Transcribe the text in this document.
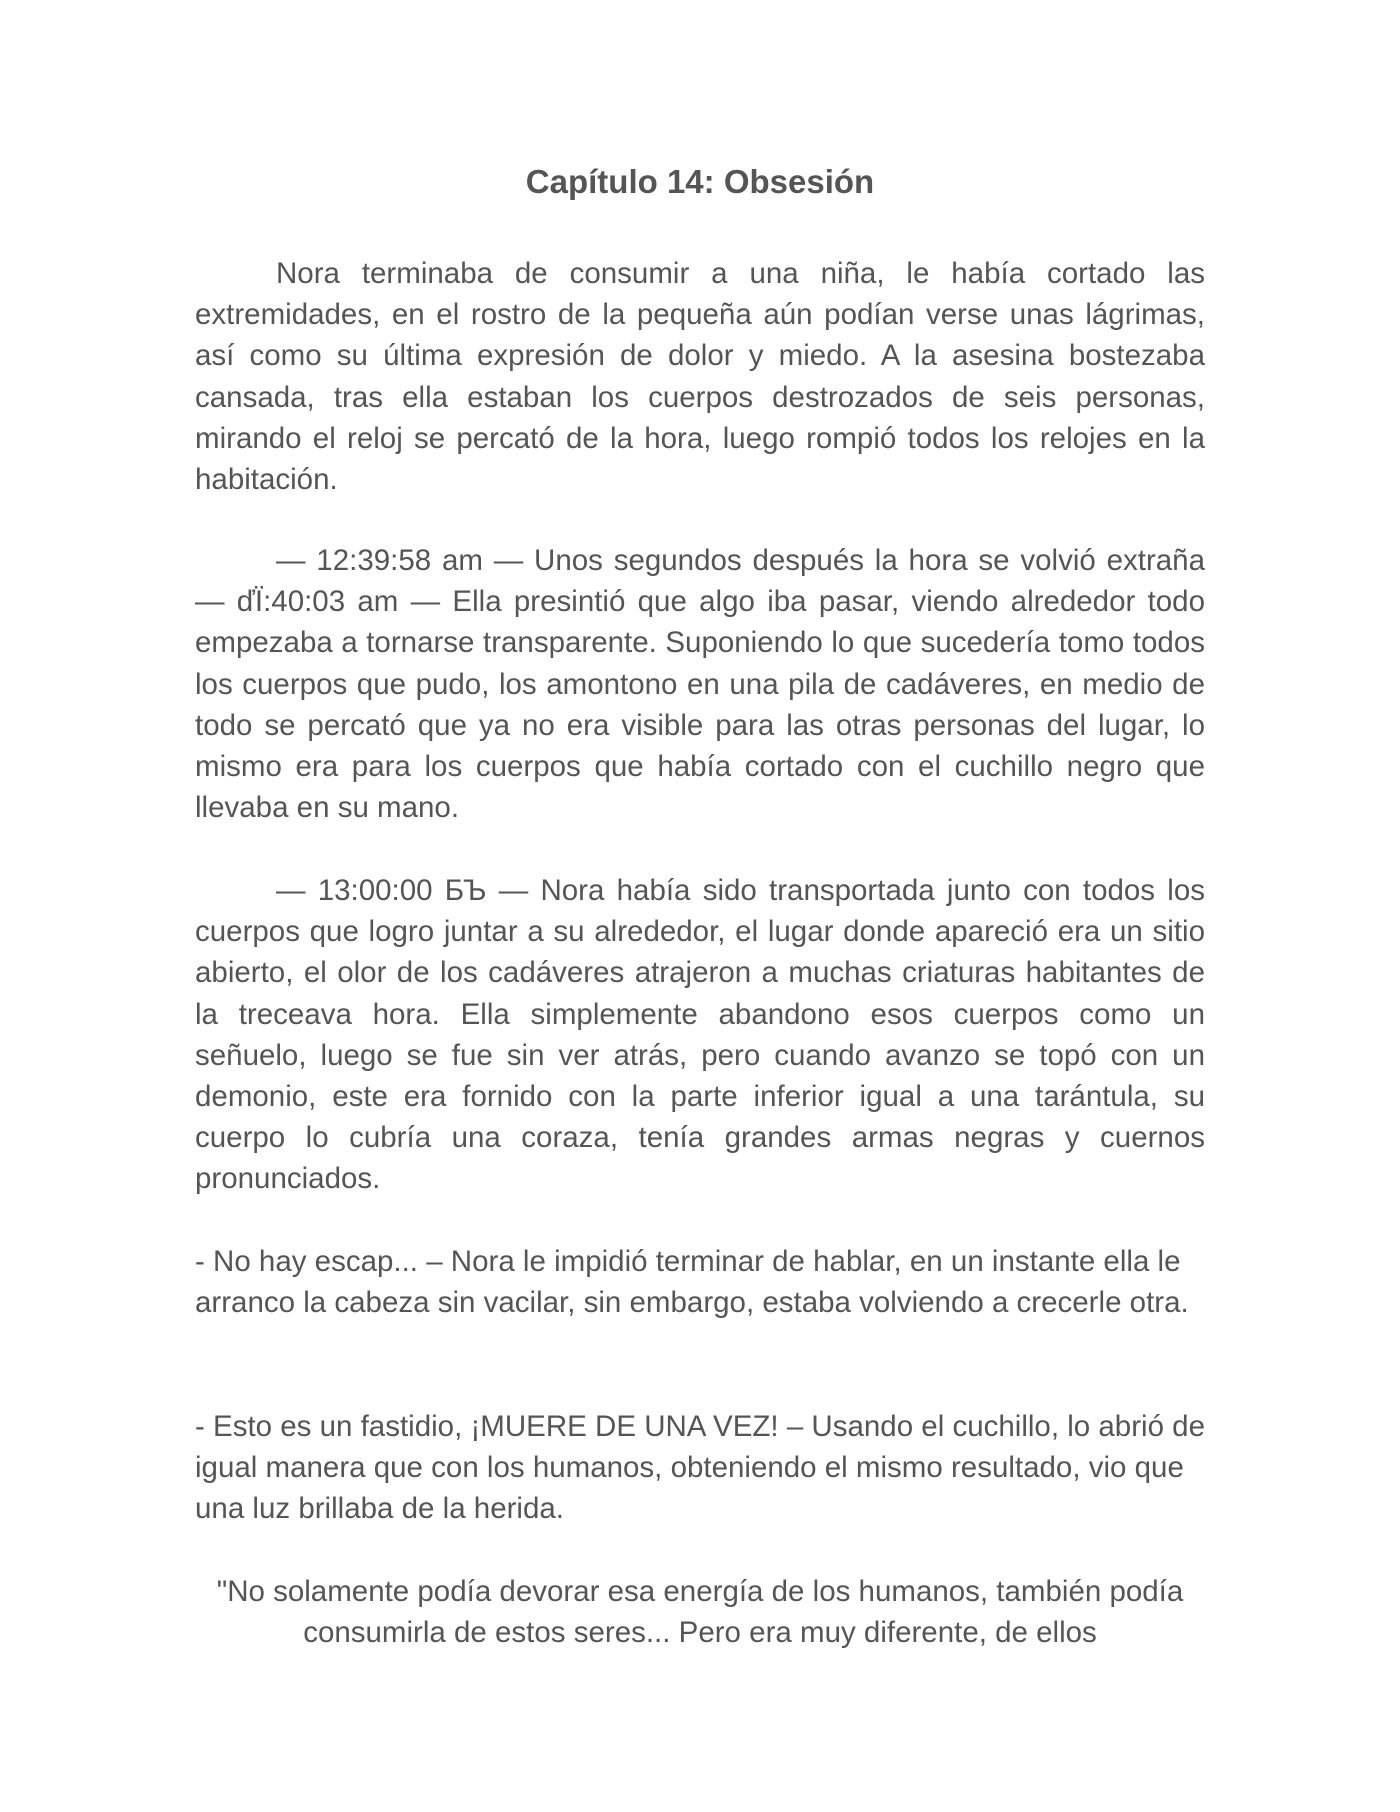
Capítulo 14: Obsesión

Nora terminaba de consumir a una niña, le había cortado las extremidades, en el rostro de la pequeña aún podían verse unas lágrimas, así como su última expresión de dolor y miedo. A la asesina bostezaba cansada, tras ella estaban los cuerpos destrozados de seis personas, mirando el reloj se percató de la hora, luego rompió todos los relojes en la habitación.

— 12:39:58 am — Unos segundos después la hora se volvió extraña — ďÏ:40:03 am — Ella presintió que algo iba pasar, viendo alrededor todo empezaba a tornarse transparente. Suponiendo lo que sucedería tomo todos los cuerpos que pudo, los amontono en una pila de cadáveres, en medio de todo se percató que ya no era visible para las otras personas del lugar, lo mismo era para los cuerpos que había cortado con el cuchillo negro que llevaba en su mano.

— 13:00:00 БЪ — Nora había sido transportada junto con todos los cuerpos que logro juntar a su alrededor, el lugar donde apareció era un sitio abierto, el olor de los cadáveres atrajeron a muchas criaturas habitantes de la treceava hora. Ella simplemente abandono esos cuerpos como un señuelo, luego se fue sin ver atrás, pero cuando avanzo se topó con un demonio, este era fornido con la parte inferior igual a una tarántula, su cuerpo lo cubría una coraza, tenía grandes armas negras y cuernos pronunciados.

- No hay escap... – Nora le impidió terminar de hablar, en un instante ella le arranco la cabeza sin vacilar, sin embargo, estaba volviendo a crecerle otra.

- Esto es un fastidio, ¡MUERE DE UNA VEZ! – Usando el cuchillo, lo abrió de igual manera que con los humanos, obteniendo el mismo resultado, vio que una luz brillaba de la herida.

"No solamente podía devorar esa energía de los humanos, también podía consumirla de estos seres... Pero era muy diferente, de ellos
